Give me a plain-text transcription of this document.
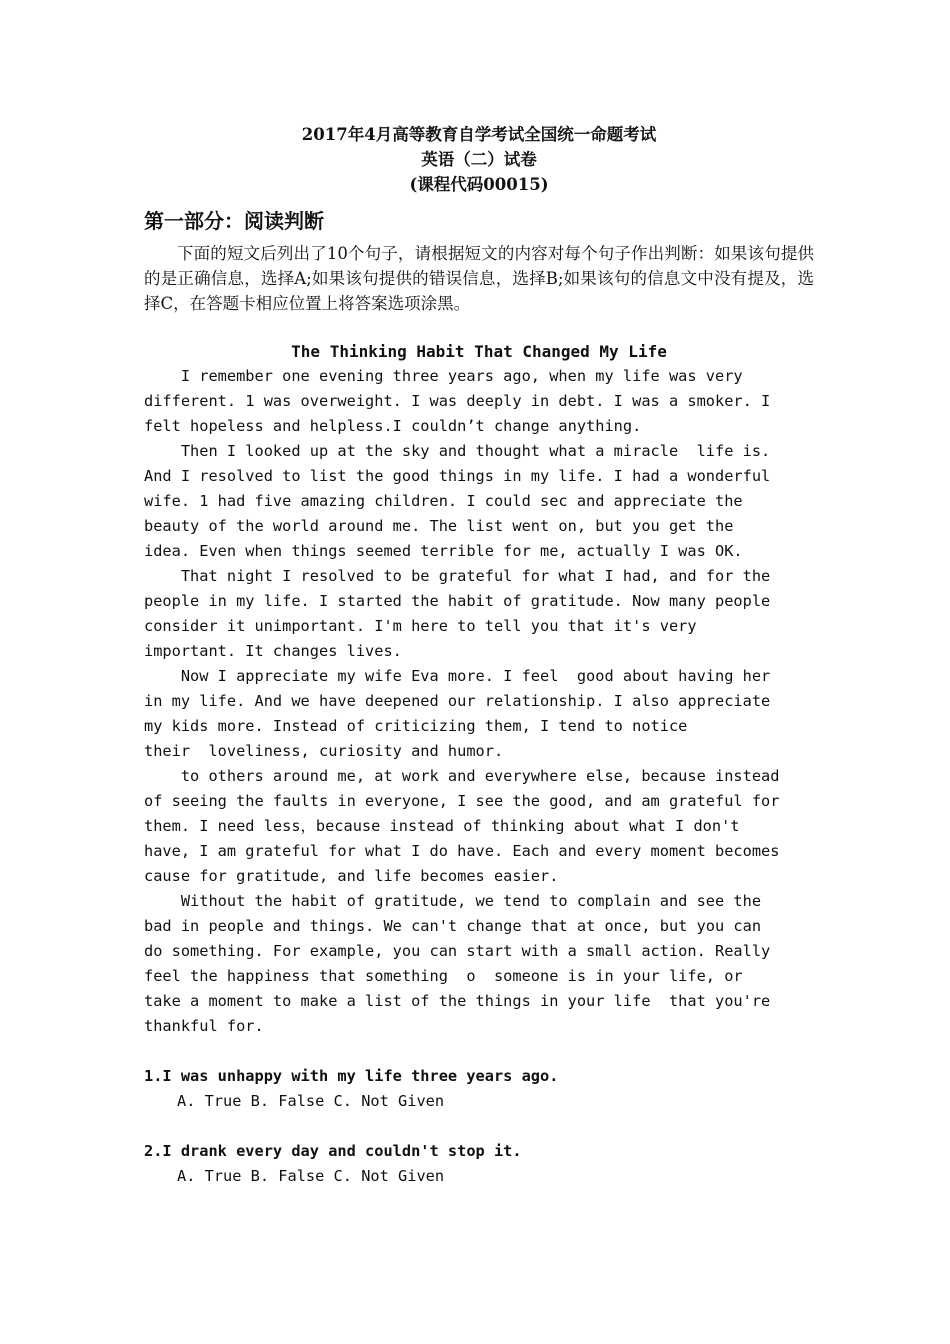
2017年4月高等教育自学考试全国统一命题考试
英语（二）试卷
(课程代码00015)
第一部分：阅读判断
下面的短文后列出了10个句子，请根据短文的内容对每个句子作出判断：如果该句提供的是正确信息，选择A;如果该句提供的错误信息，选择B;如果该句的信息文中没有提及，选择C，在答题卡相应位置上将答案选项涂黑。
The Thinking Habit That Changed My Life
I remember one evening three years ago, when my life was very
different. 1 was overweight. I was deeply in debt. I was a smoker. I
felt hopeless and helpless.I couldn’t change anything.
Then I looked up at the sky and thought what a miracle  life is.
And I resolved to list the good things in my life. I had a wonderful
wife. 1 had five amazing children. I could sec and appreciate the
beauty of the world around me. The list went on, but you get the
idea. Even when things seemed terrible for me, actually I was OK.
That night I resolved to be grateful for what I had, and for the
people in my life. I started the habit of gratitude. Now many people
consider it unimportant. I'm here to tell you that it's very
important. It changes lives.
Now I appreciate my wife Eva more. I feel  good about having her
in my life. And we have deepened our relationship. I also appreciate
my kids more. Instead of criticizing them, I tend to notice
their  loveliness, curiosity and humor.
to others around me, at work and everywhere else, because instead
of seeing the faults in everyone, I see the good, and am grateful for
them. I need less，because instead of thinking about what I don't
have, I am grateful for what I do have. Each and every moment becomes
cause for gratitude, and life becomes easier.
Without the habit of gratitude, we tend to complain and see the
bad in people and things. We can't change that at once, but you can
do something. For example, you can start with a small action. Really
feel the happiness that something  o  someone is in your life, or
take a moment to make a list of the things in your life  that you're
thankful for.
1.I was unhappy with my life three years ago.
A. True B. False C. Not Given
2.I drank every day and couldn't stop it.
A. True B. False C. Not Given
